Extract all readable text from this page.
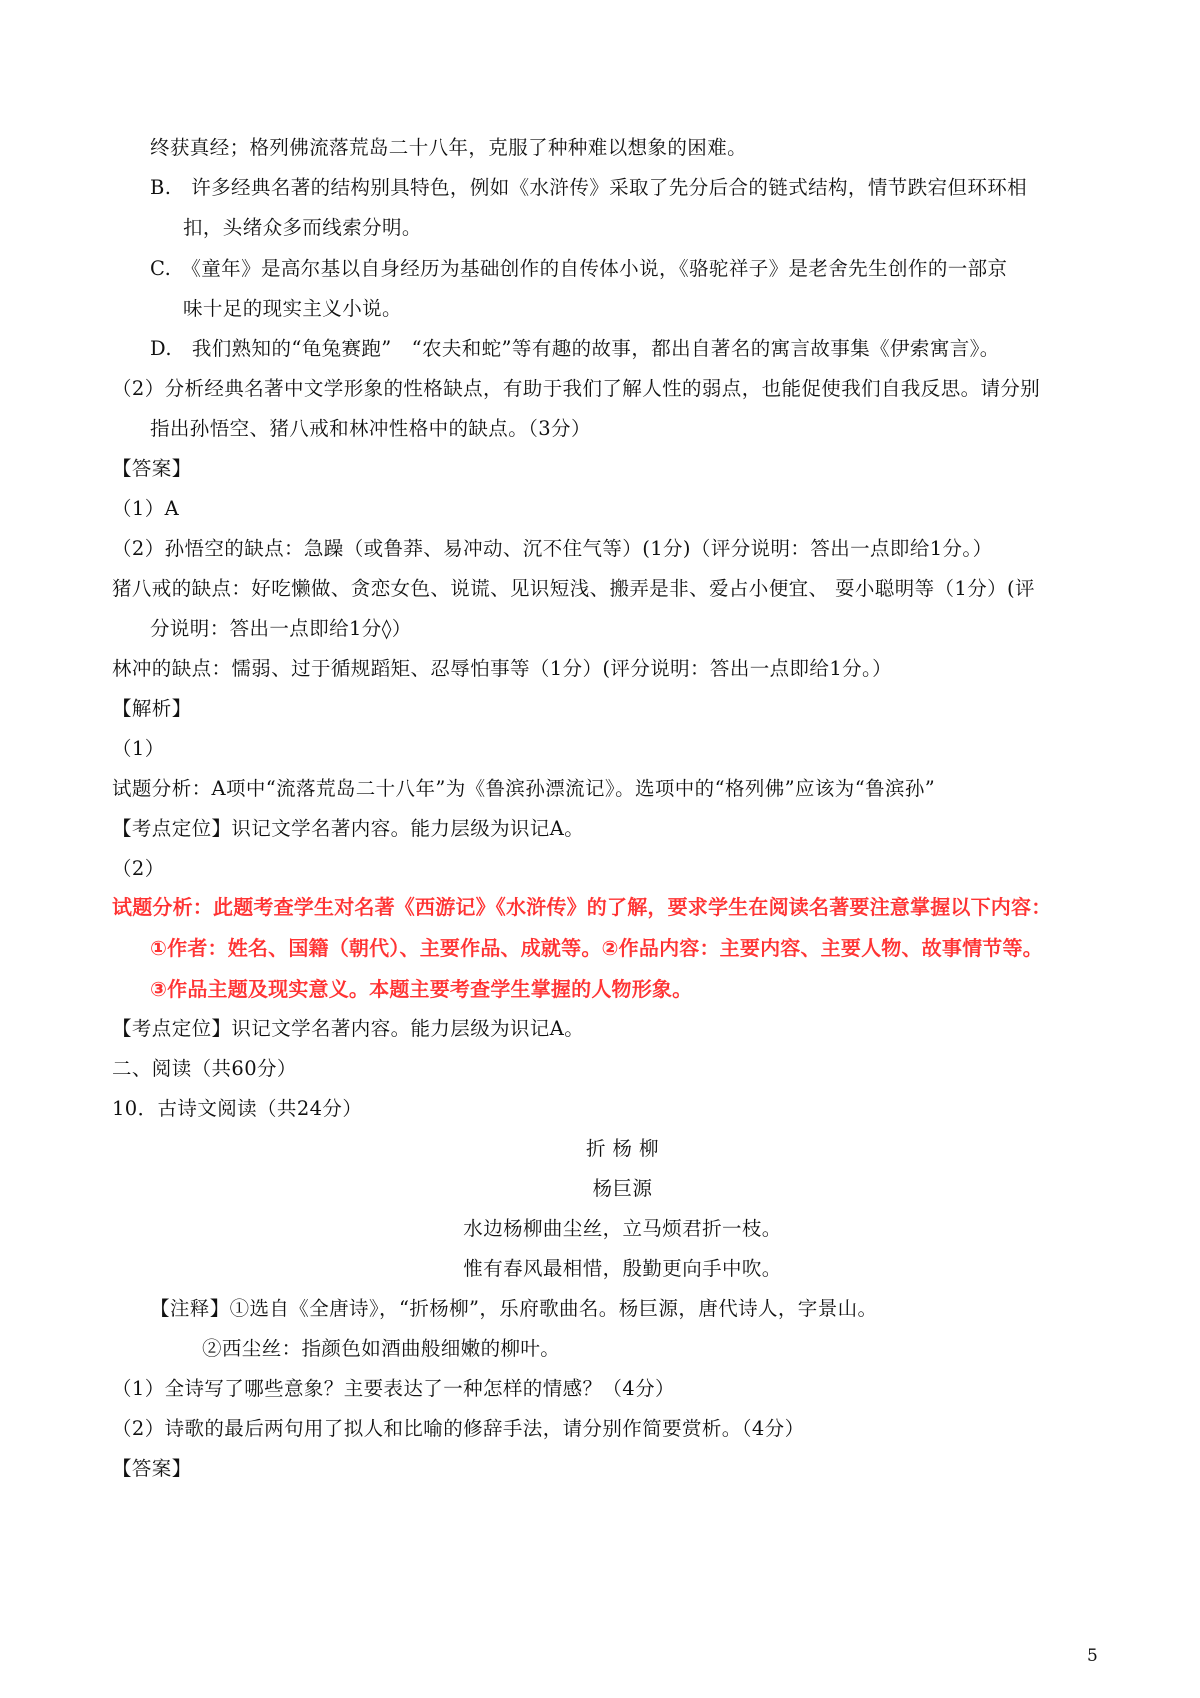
终获真经；格列佛流落荒岛二十八年，克服了种种难以想象的困难。
B.　许多经典名著的结构别具特色，例如《水浒传》采取了先分后合的链式结构，情节跌宕但环环相
扣，头绪众多而线索分明。
C.　《童年》是高尔基以自身经历为基础创作的自传体小说，《骆驼祥子》是老舍先生创作的一部京
味十足的现实主义小说。
D.　我们熟知的“龟兔赛跑”　“农夫和蛇”等有趣的故事，都出自著名的寓言故事集《伊索寓言》。
（2）分析经典名著中文学形象的性格缺点，有助于我们了解人性的弱点，也能促使我们自我反思。请分别
指出孙悟空、猪八戒和林冲性格中的缺点。（3分）
【答案】
（1）A
（2）孙悟空的缺点：急躁（或鲁莽、易冲动、沉不住气等）(1分)（评分说明：答出一点即给1分。）
猪八戒的缺点：好吃懒做、贪恋女色、说谎、见识短浅、搬弄是非、爱占小便宜、 耍小聪明等（1分）(评
分说明：答出一点即给1分◊）
林冲的缺点：懦弱、过于循规蹈矩、忍辱怕事等（1分）(评分说明：答出一点即给1分。）
【解析】
（1）
试题分析：A项中“流落荒岛二十八年”为《鲁滨孙漂流记》。选项中的“格列佛”应该为“鲁滨孙”
【考点定位】识记文学名著内容。能力层级为识记A。
（2）
试题分析：此题考查学生对名著《西游记》《水浒传》的了解，要求学生在阅读名著要注意掌握以下内容：
①作者：姓名、国籍（朝代）、主要作品、成就等。②作品内容：主要内容、主要人物、故事情节等。
③作品主题及现实意义。本题主要考查学生掌握的人物形象。
【考点定位】识记文学名著内容。能力层级为识记A。
二、阅读（共60分）
10．古诗文阅读（共24分）
折 杨 柳
杨巨源
水边杨柳曲尘丝，立马烦君折一枝。
惟有春风最相惜，殷勤更向手中吹。
【注释】①选自《全唐诗》，“折杨柳”，乐府歌曲名。杨巨源，唐代诗人，字景山。
②西尘丝：指颜色如酒曲般细嫩的柳叶。
（1）全诗写了哪些意象？主要表达了一种怎样的情感？（4分）
（2）诗歌的最后两句用了拟人和比喻的修辞手法，请分别作简要赏析。（4分）
【答案】
5
